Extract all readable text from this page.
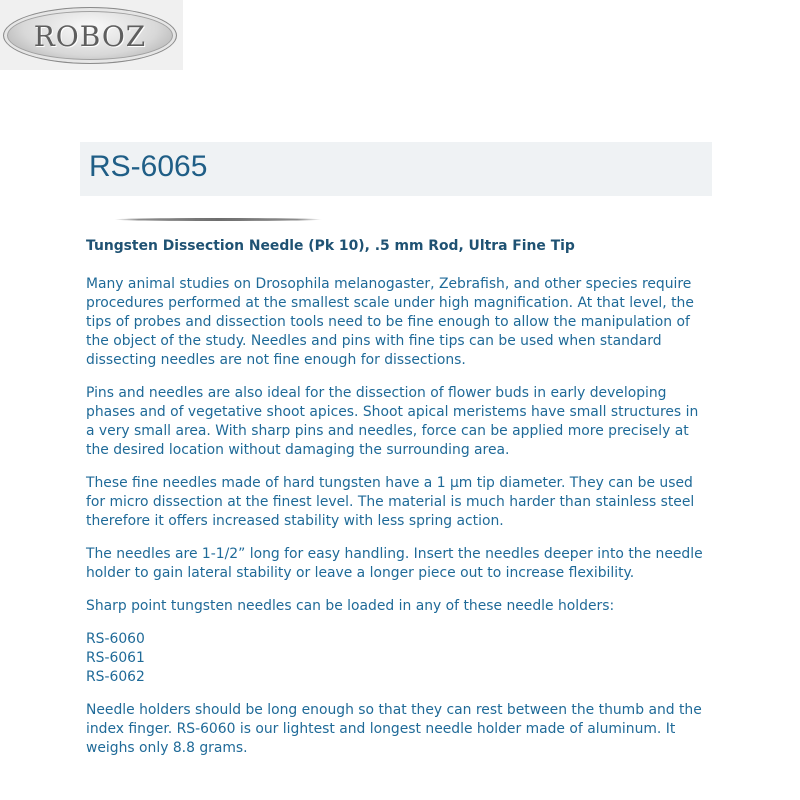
ROBOZ
RS-6065
Tungsten Dissection Needle (Pk 10), .5 mm Rod, Ultra Fine Tip

Many animal studies on Drosophila melanogaster, Zebrafish, and other species require procedures performed at the smallest scale under high magnification. At that level, the tips of probes and dissection tools need to be fine enough to allow the manipulation of the object of the study. Needles and pins with fine tips can be used when standard dissecting needles are not fine enough for dissections.

Pins and needles are also ideal for the dissection of flower buds in early developing phases and of vegetative shoot apices. Shoot apical meristems have small structures in a very small area. With sharp pins and needles, force can be applied more precisely at the desired location without damaging the surrounding area.

These fine needles made of hard tungsten have a 1 µm tip diameter. They can be used for micro dissection at the finest level. The material is much harder than stainless steel therefore it offers increased stability with less spring action.

The needles are 1-1/2” long for easy handling. Insert the needles deeper into the needle holder to gain lateral stability or leave a longer piece out to increase flexibility.

Sharp point tungsten needles can be loaded in any of these needle holders:

RS-6060
RS-6061
RS-6062

Needle holders should be long enough so that they can rest between the thumb and the index finger. RS-6060 is our lightest and longest needle holder made of aluminum. It weighs only 8.8 grams.
